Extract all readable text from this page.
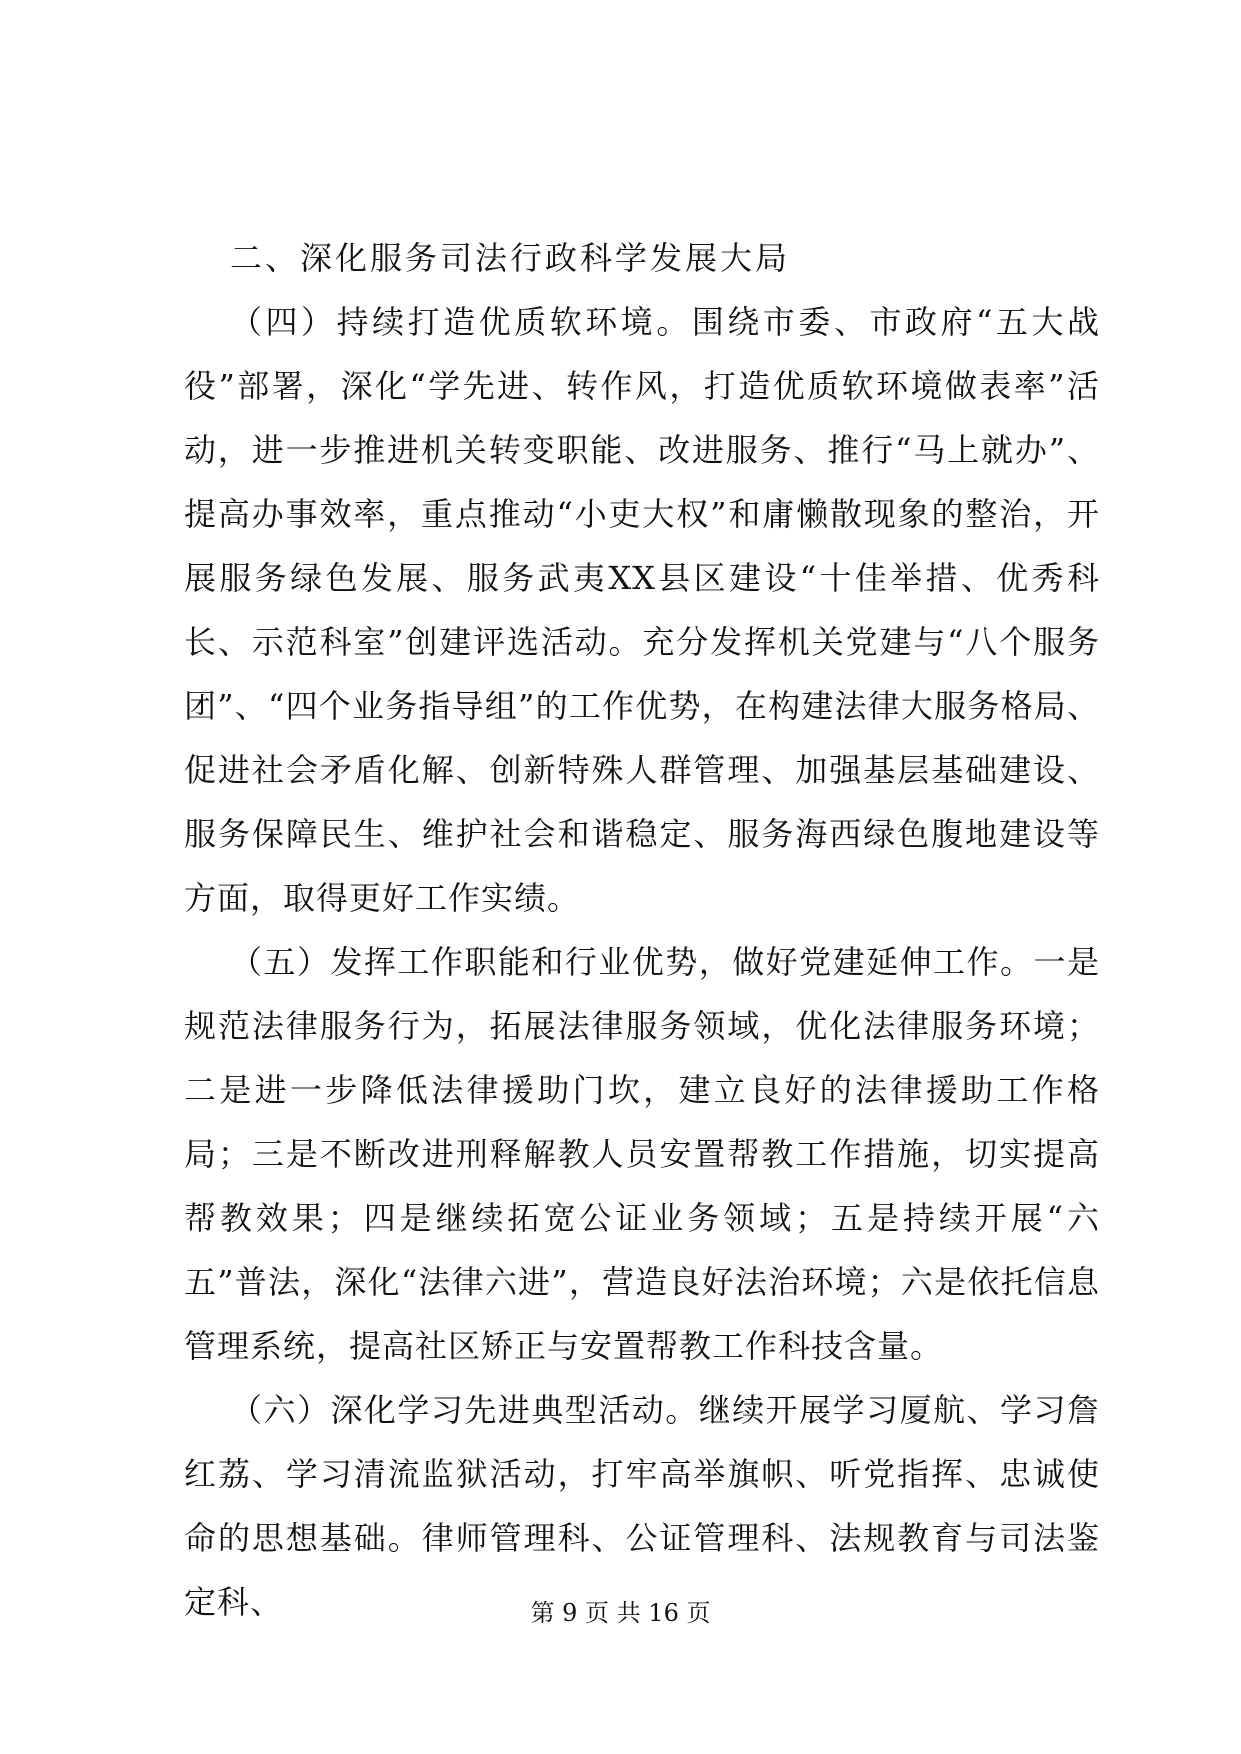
二、深化服务司法行政科学发展大局

（四）持续打造优质软环境。围绕市委、市政府“五大战役”部署，深化“学先进、转作风，打造优质软环境做表率”活动，进一步推进机关转变职能、改进服务、推行“马上就办”、提高办事效率，重点推动“小吏大权”和庸懒散现象的整治，开展服务绿色发展、服务武夷XX县区建设“十佳举措、优秀科长、示范科室”创建评选活动。充分发挥机关党建与“八个服务团”、“四个业务指导组”的工作优势，在构建法律大服务格局、促进社会矛盾化解、创新特殊人群管理、加强基层基础建设、服务保障民生、维护社会和谐稳定、服务海西绿色腹地建设等方面，取得更好工作实绩。

（五）发挥工作职能和行业优势，做好党建延伸工作。一是规范法律服务行为，拓展法律服务领域，优化法律服务环境；二是进一步降低法律援助门坎，建立良好的法律援助工作格局；三是不断改进刑释解教人员安置帮教工作措施，切实提高帮教效果；四是继续拓宽公证业务领域；五是持续开展“六五”普法，深化“法律六进”，营造良好法治环境；六是依托信息管理系统，提高社区矫正与安置帮教工作科技含量。

（六）深化学习先进典型活动。继续开展学习厦航、学习詹红荔、学习清流监狱活动，打牢高举旗帜、听党指挥、忠诚使命的思想基础。律师管理科、公证管理科、法规教育与司法鉴定科、	第 9 页 共 16 页
